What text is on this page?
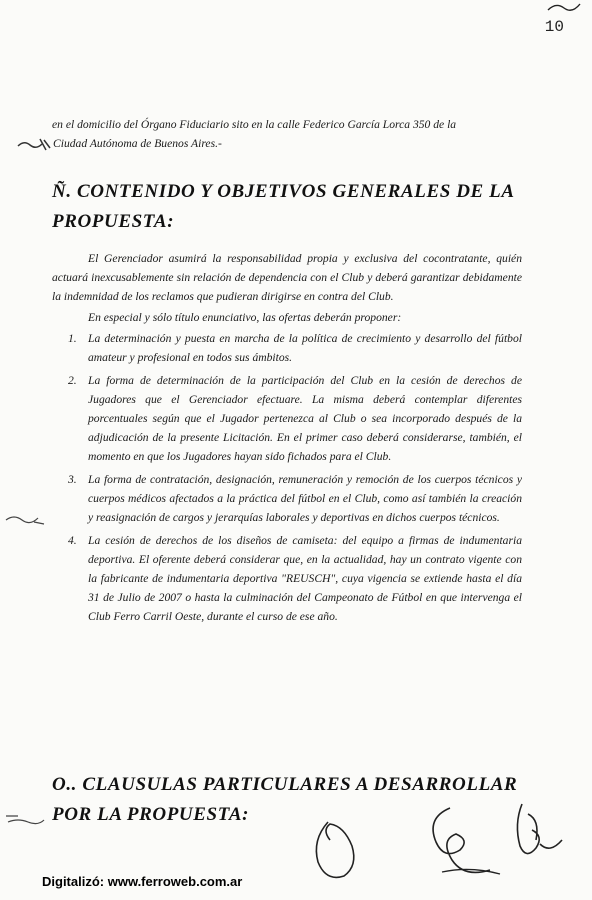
10
en el domicilio del Órgano Fiduciario sito en la calle Federico García Lorca 350 de la
Ciudad Autónoma de Buenos Aires.-
Ñ. CONTENIDO Y OBJETIVOS GENERALES DE LA PROPUESTA:

El Gerenciador asumirá la responsabilidad propia y exclusiva del cocontratante, quién actuará inexcusablemente sin relación de dependencia con el Club y deberá garantizar debidamente la indemnidad de los reclamos que pudieran dirigirse en contra del Club.

En especial y sólo título enunciativo, las ofertas deberán proponer:

1. La determinación y puesta en marcha de la política de crecimiento y desarrollo del fútbol amateur y profesional en todos sus ámbitos.
2. La forma de determinación de la participación del Club en la cesión de derechos de Jugadores que el Gerenciador efectuare. La misma deberá contemplar diferentes porcentuales según que el Jugador pertenezca al Club o sea incorporado después de la adjudicación de la presente Licitación. En el primer caso deberá considerarse, también, el momento en que los Jugadores hayan sido fichados para el Club.
3. La forma de contratación, designación, remuneración y remoción de los cuerpos técnicos y cuerpos médicos afectados a la práctica del fútbol en el Club, como así también la creación y reasignación de cargos y jerarquías laborales y deportivas en dichos cuerpos técnicos.
4. La cesión de derechos de los diseños de camiseta: del equipo a firmas de indumentaria deportiva. El oferente deberá considerar que, en la actualidad, hay un contrato vigente con la fabricante de indumentaria deportiva "REUSCH", cuya vigencia se extiende hasta el día 31 de Julio de 2007 o hasta la culminación del Campeonato de Fútbol en que intervenga el Club Ferro Carril Oeste, durante el curso de ese año.
O.. CLAUSULAS PARTICULARES A DESARROLLAR POR LA PROPUESTA:
Digitalizó: www.ferroweb.com.ar
